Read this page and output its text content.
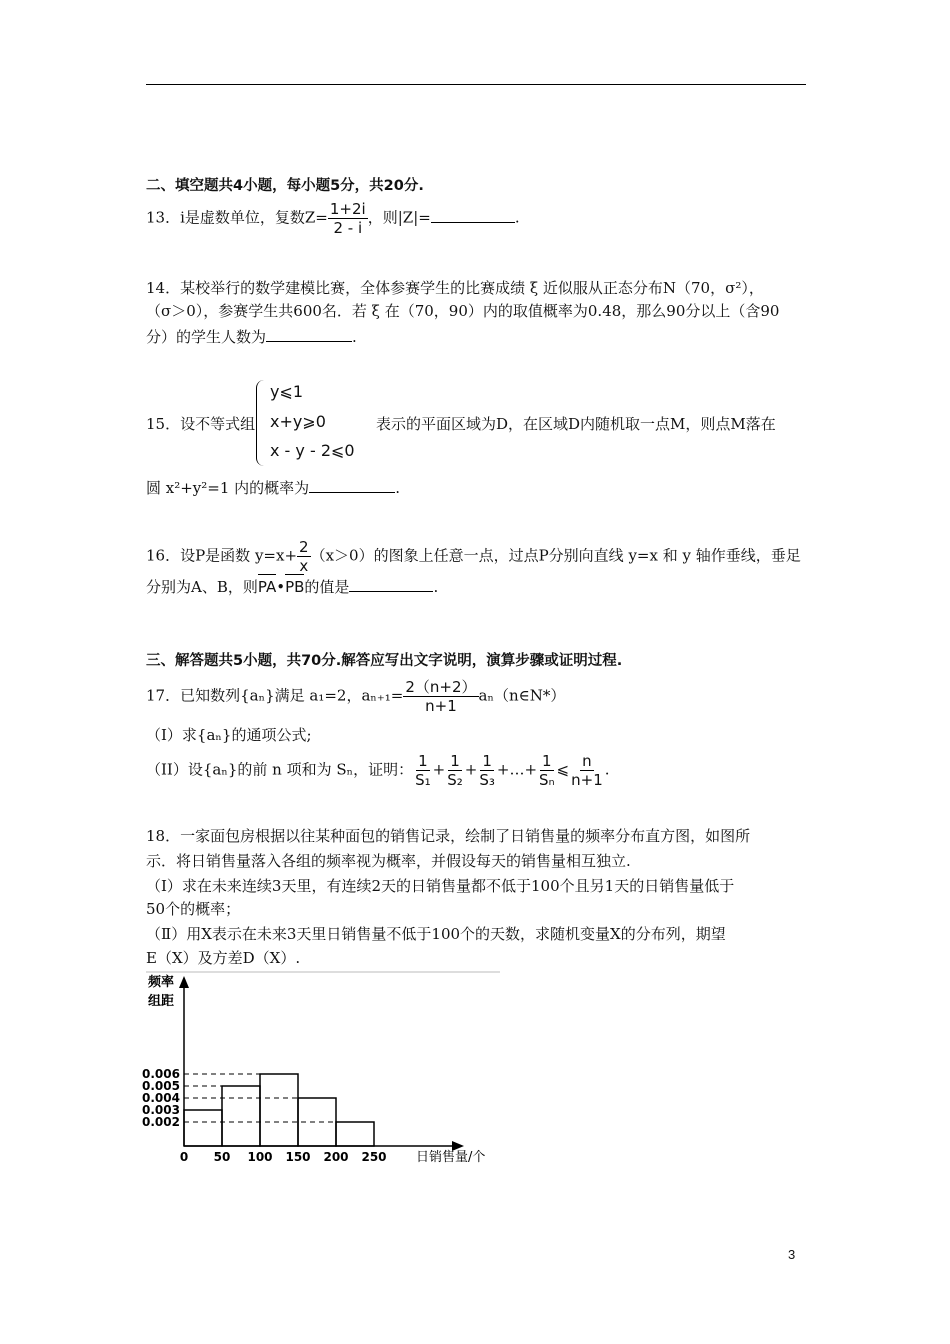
二、填空题共4小题，每小题5分，共20分.
13．i是虚数单位，复数$Z= \frac{1+2i}{2 - i}$ ，则|Z|=	.
14．某校举行的数学建模比赛，全体参赛学生的比赛成绩 ξ 近似服从正态分布N（70，σ²），
（σ＞0），参赛学生共600名．若 ξ 在（70，90）内的取值概率为0.48，那么90分以上（含90
分）的学生人数为	.
15．设不等式组
y⩽1
x+y⩾0
x - y - 2⩽0
表示的平面区域为D，在区域D内随机取一点M，则点M落在
圆 x²+y²=1 内的概率为	.
16．设P是函数 $y=x+ \frac{2}{x} (x>0)$的图象上任意一点，过点P分别向直线 y=x 和 y 轴作垂线，垂足
分别为A、B，则PA•PB的值是	.
三、解答题共5小题，共70分.解答应写出文字说明，演算步骤或证明过程.
17．已知数列{aₙ}满足 a₁=2，$a_{n+1}= \frac{2(n+2)}{n+1}$ aₙ（n∈N*）
（I）求{aₙ}的通项公式;
（II）设{aₙ}的前 n 项和为 Sₙ，证明： $\frac{1}{\text{S₁}} + \frac{1}{\text{S₂}} + \frac{1}{\text{S₃}}$ +…+ $\frac{1}{\text{Sₙ}}$ ⩽ $\frac{n}{n+1}$ .
18．一家面包房根据以往某种面包的销售记录，绘制了日销售量的频率分布直方图，如图所
示．将日销售量落入各组的频率视为概率，并假设每天的销售量相互独立.
（Ⅰ）求在未来连续3天里，有连续2天的日销售量都不低于100个且另1天的日销售量低于
50个的概率；
（Ⅱ）用X表示在未来3天里日销售量不低于100个的天数，求随机变量X的分布列，期望
E（X）及方差D（X）.
频率
组距
0.006
0.005
0.004
0.003
0.002
0 50 100 150 200 250 日销售量/个
3
